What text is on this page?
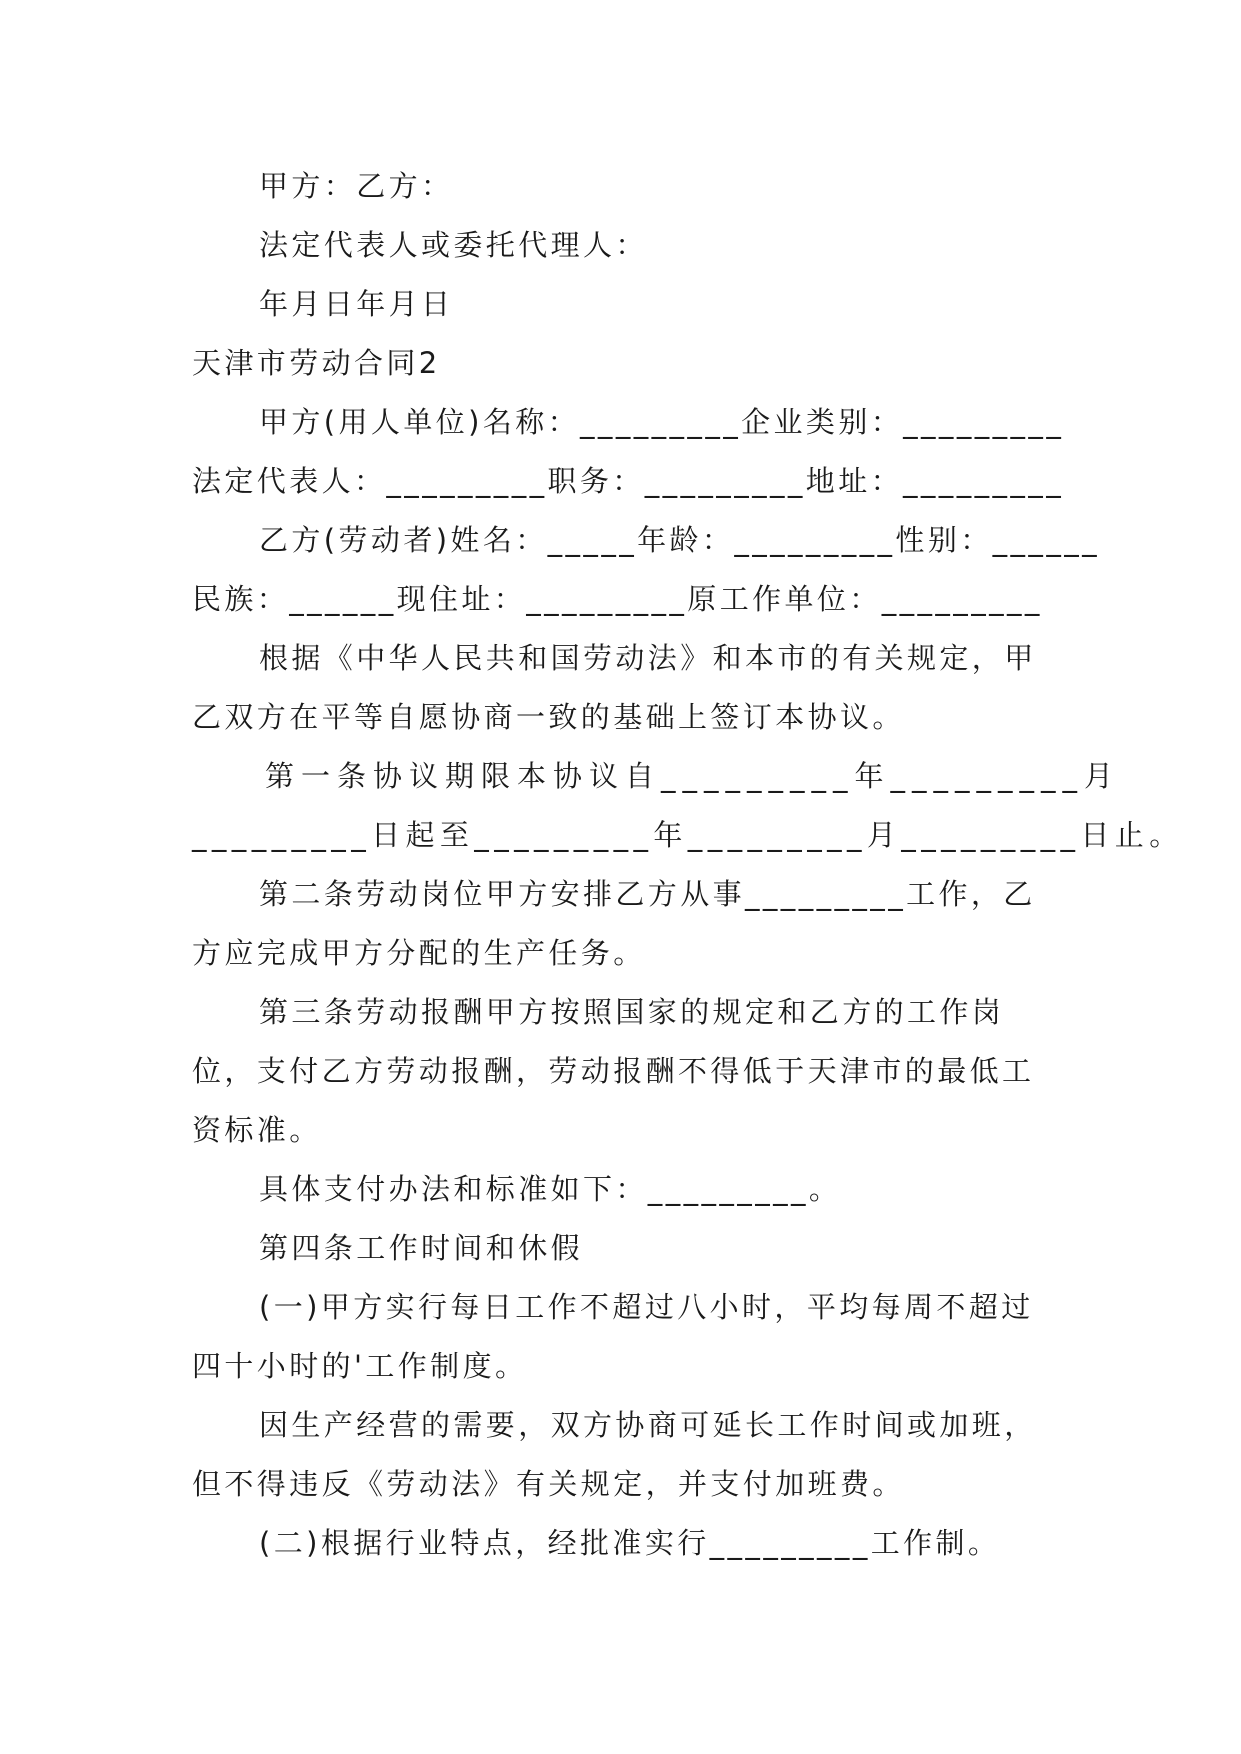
甲方：乙方：
法定代表人或委托代理人：
年月日年月日
天津市劳动合同2
甲方(用人单位)名称：_________企业类别：_________
法定代表人：_________职务：_________地址：_________
乙方(劳动者)姓名：_____年龄：_________性别：______
民族：______现住址：_________原工作单位：_________
根据《中华人民共和国劳动法》和本市的有关规定，甲
乙双方在平等自愿协商一致的基础上签订本协议。
第一条协议期限本协议自_________年_________月
_________日起至_________年_________月_________日止。
第二条劳动岗位甲方安排乙方从事_________工作，乙
方应完成甲方分配的生产任务。
第三条劳动报酬甲方按照国家的规定和乙方的工作岗
位，支付乙方劳动报酬，劳动报酬不得低于天津市的最低工
资标准。
具体支付办法和标准如下：_________。
第四条工作时间和休假
(一)甲方实行每日工作不超过八小时，平均每周不超过
四十小时的'工作制度。
因生产经营的需要，双方协商可延长工作时间或加班，
但不得违反《劳动法》有关规定，并支付加班费。
(二)根据行业特点，经批准实行_________工作制。
